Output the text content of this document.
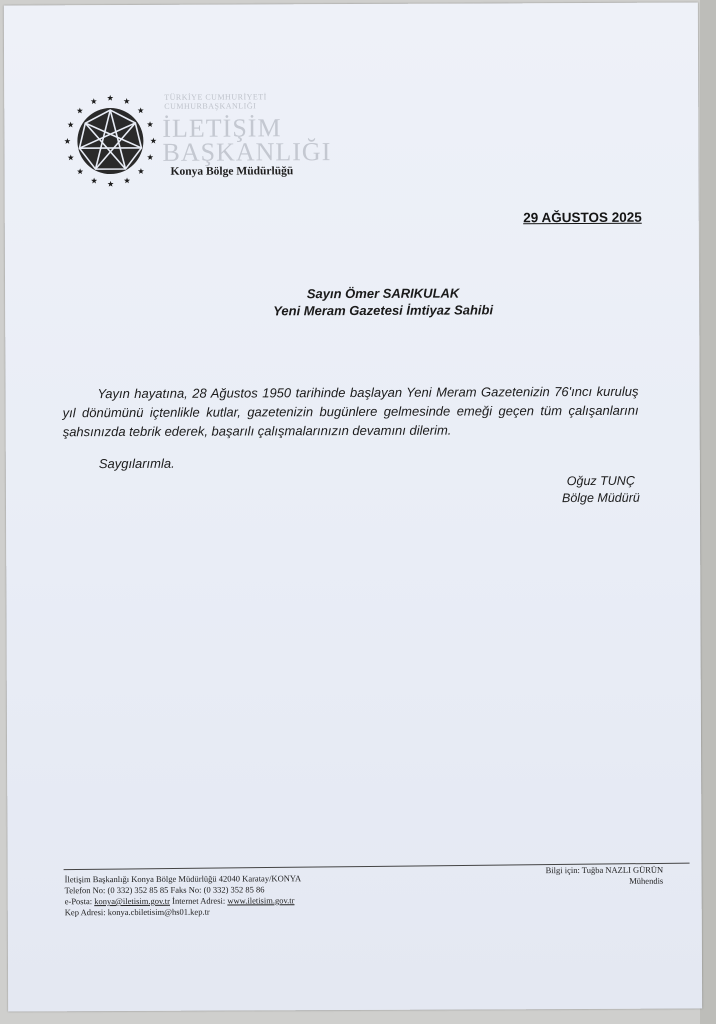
TÜRKİYE CUMHURİYETİ
CUMHURBAŞKANLIĞI
İLETİŞİM
BAŞKANLIĞI
Konya Bölge Müdürlüğü
29 AĞUSTOS 2025
Sayın Ömer SARIKULAK
Yeni Meram Gazetesi İmtiyaz Sahibi
Yayın hayatına, 28 Ağustos 1950 tarihinde başlayan Yeni Meram Gazetenizin 76'ıncı kuruluş yıl dönümünü içtenlikle kutlar, gazetenizin bugünlere gelmesinde emeği geçen tüm çalışanlarını şahsınızda tebrik ederek, başarılı çalışmalarınızın devamını dilerim.
Saygılarımla.
Oğuz TUNÇ
Bölge Müdürü
İletişim Başkanlığı Konya Bölge Müdürlüğü 42040 Karatay/KONYA
Telefon No: (0 332) 352 85 85 Faks No: (0 332) 352 85 86
e-Posta: konya@iletisim.gov.tr İnternet Adresi: www.iletisim.gov.tr
Kep Adresi: konya.cbiletisim@hs01.kep.tr
Bilgi için: Tuğba NAZLI GÜRÜN
Mühendis
